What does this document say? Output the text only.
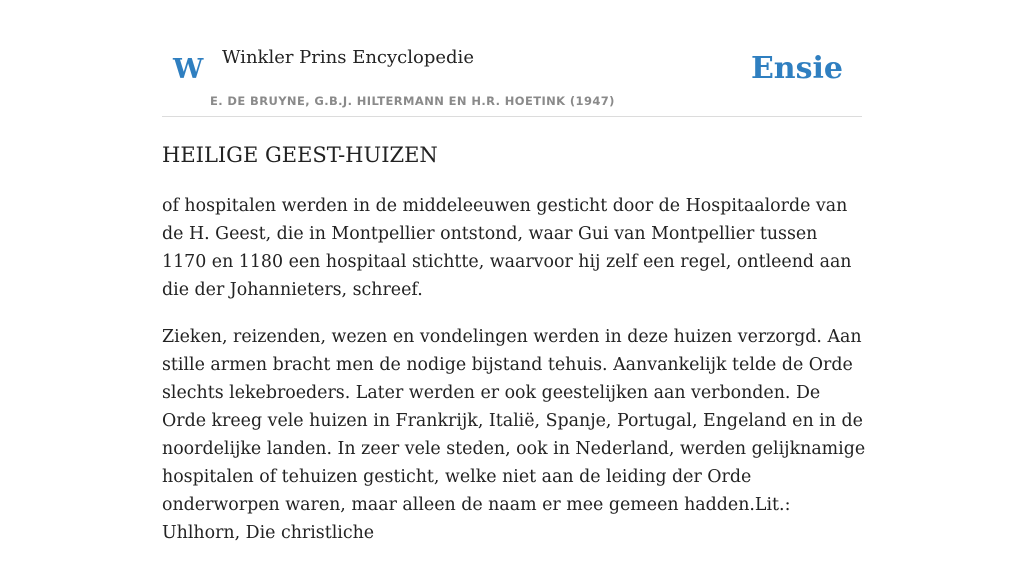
W Winkler Prins Encyclopedie
E. DE BRUYNE, G.B.J. HILTERMANN EN H.R. HOETINK (1947)
Ensie
HEILIGE GEEST-HUIZEN

of hospitalen werden in de middeleeuwen gesticht door de Hospitaalorde van de H. Geest, die in Montpellier ontstond, waar Gui van Montpellier tussen 1170 en 1180 een hospitaal stichtte, waarvoor hij zelf een regel, ontleend aan die der Johannieters, schreef.

Zieken, reizenden, wezen en vondelingen werden in deze huizen verzorgd. Aan stille armen bracht men de nodige bijstand tehuis. Aanvankelijk telde de Orde slechts lekebroeders. Later werden er ook geestelijken aan verbonden. De Orde kreeg vele huizen in Frankrijk, Italië, Spanje, Portugal, Engeland en in de noordelijke landen. In zeer vele steden, ook in Nederland, werden gelijknamige hospitalen of tehuizen gesticht, welke niet aan de leiding der Orde onderworpen waren, maar alleen de naam er mee gemeen hadden.Lit.: Uhlhorn, Die christliche
